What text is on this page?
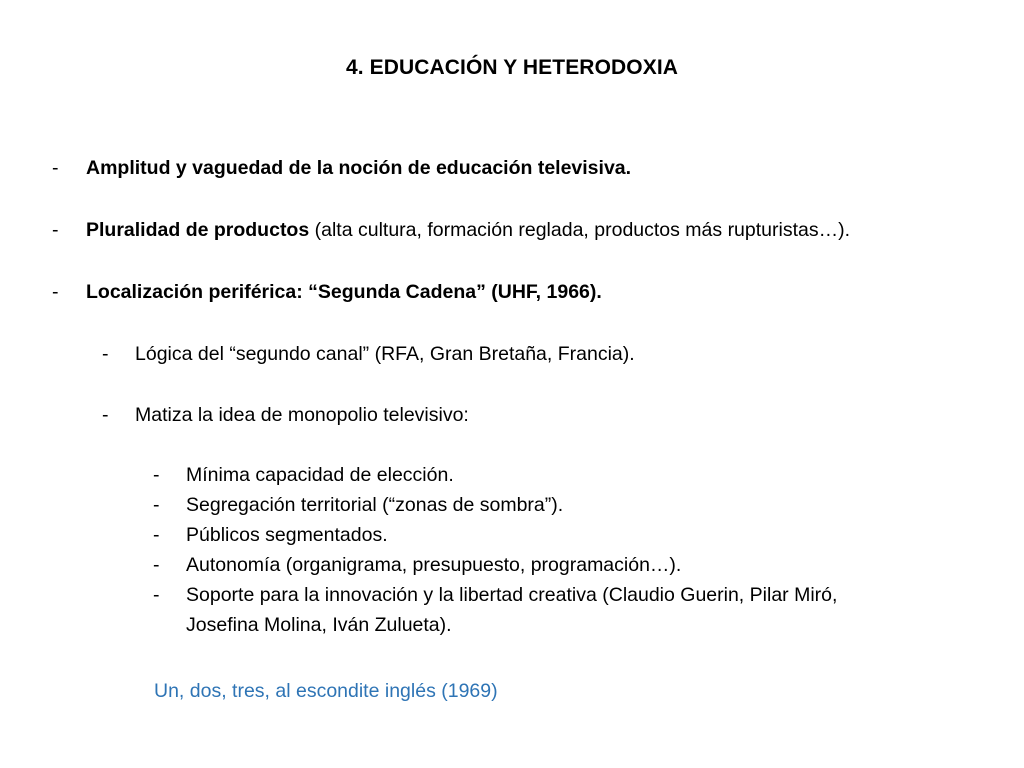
4. EDUCACIÓN Y HETERODOXIA
- Amplitud y vaguedad de la noción de educación televisiva.
- Pluralidad de productos (alta cultura, formación reglada, productos más rupturistas…).
- Localización periférica: “Segunda Cadena” (UHF, 1966).
- Lógica del “segundo canal” (RFA, Gran Bretaña, Francia).
- Matiza la idea de monopolio televisivo:
- Mínima capacidad de elección.
- Segregación territorial (“zonas de sombra”).
- Públicos segmentados.
- Autonomía (organigrama, presupuesto, programación…).
- Soporte para la innovación y la libertad creativa (Claudio Guerin, Pilar Miró,
Josefina Molina, Iván Zulueta).
Un, dos, tres, al escondite inglés (1969)
